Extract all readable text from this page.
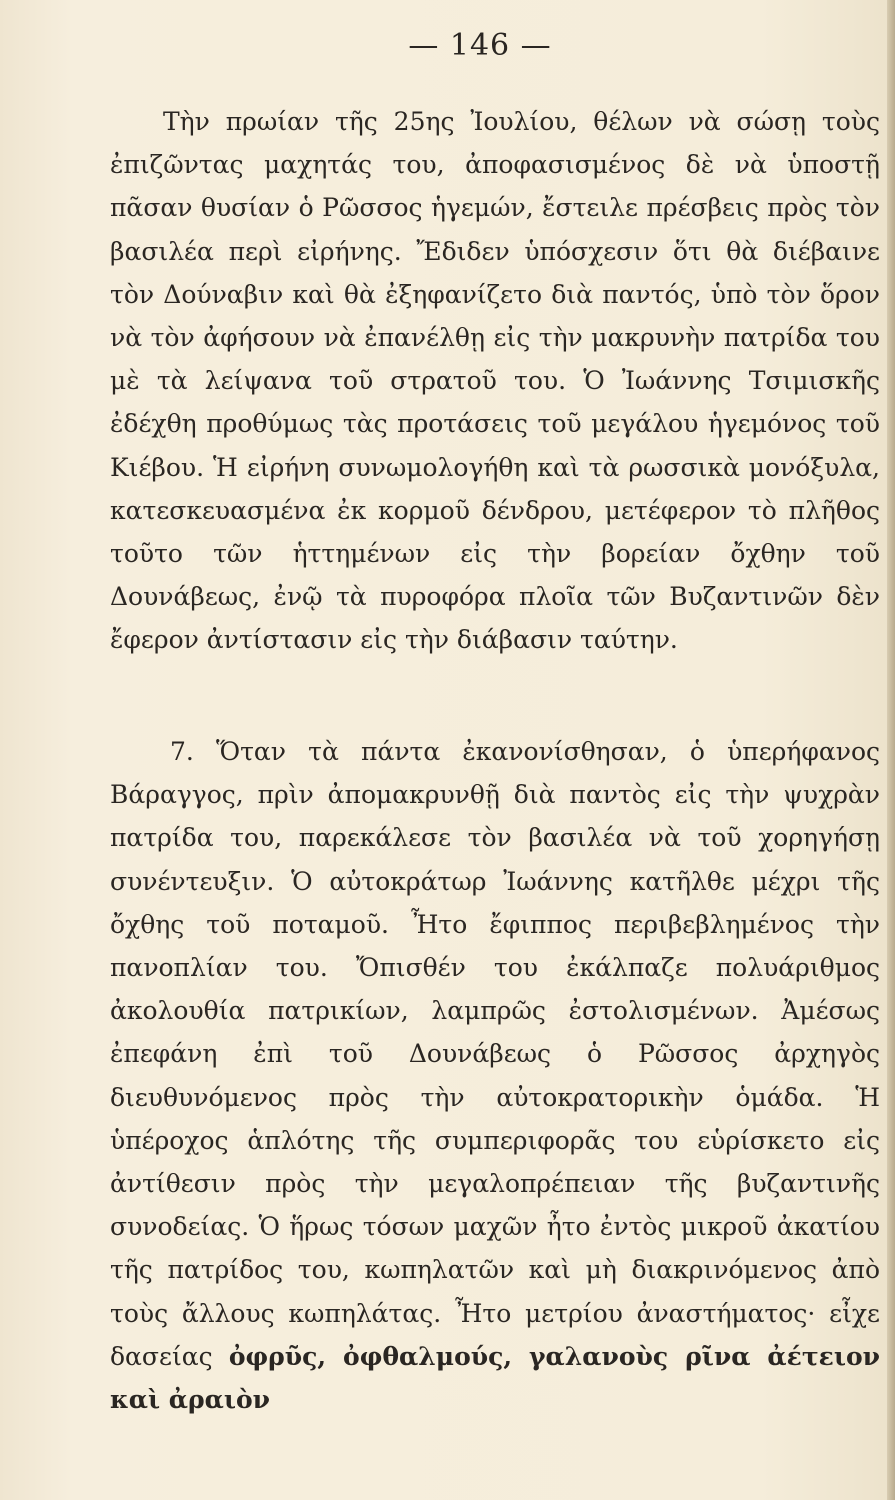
— 146 —

Τὴν πρωίαν τῆς 25ης Ἰουλίου, θέλων νὰ σώσῃ τοὺς ἐπιζῶντας μαχητάς του, ἀποφασισμένος δὲ νὰ ὑποστῇ πᾶσαν θυσίαν ὁ Ρῶσσος ἡγεμών, ἔστειλε πρέσβεις πρὸς τὸν βασιλέα περὶ εἰρήνης. Ἔδιδεν ὑπόσχεσιν ὅτι θὰ διέβαινε τὸν Δούναβιν καὶ θὰ ἐξηφανίζετο διὰ παντός, ὑπὸ τὸν ὅρον νὰ τὸν ἀφήσουν νὰ ἐπανέλθῃ εἰς τὴν μακρυνὴν πατρίδα του μὲ τὰ λείψανα τοῦ στρατοῦ του. Ὁ Ἰωάννης Τσιμισκῆς ἐδέχθη προθύμως τὰς προτάσεις τοῦ μεγάλου ἡγεμόνος τοῦ Κιέβου. Ἡ εἰρήνη συνωμολογήθη καὶ τὰ ρωσσικὰ μονόξυλα, κατεσκευασμένα ἐκ κορμοῦ δένδρου, μετέφερον τὸ πλῆθος τοῦτο τῶν ἡττημένων εἰς τὴν βορείαν ὄχθην τοῦ Δουνάβεως, ἐνῷ τὰ πυροφόρα πλοῖα τῶν Βυζαντινῶν δὲν ἔφερον ἀντίστασιν εἰς τὴν διάβασιν ταύτην.

7. Ὅταν τὰ πάντα ἐκανονίσθησαν, ὁ ὑπερήφανος Βάραγγος, πρὶν ἀπομακρυνθῇ διὰ παντὸς εἰς τὴν ψυχρὰν πατρίδα του, παρεκάλεσε τὸν βασιλέα νὰ τοῦ χορηγήσῃ συνέντευξιν. Ὁ αὐτοκράτωρ Ἰωάννης κατῆλθε μέχρι τῆς ὄχθης τοῦ ποταμοῦ. Ἦτο ἔφιππος περιβεβλημένος τὴν πανοπλίαν του. Ὄπισθέν του ἐκάλπαζε πολυάριθμος ἀκολουθία πατρικίων, λαμπρῶς ἐστολισμένων. Ἀμέσως ἐπεφάνη ἐπὶ τοῦ Δουνάβεως ὁ Ρῶσσος ἀρχηγὸς διευθυνόμενος πρὸς τὴν αὐτοκρατορικὴν ὁμάδα. Ἡ ὑπέροχος ἁπλότης τῆς συμπεριφορᾶς του εὑρίσκετο εἰς ἀντίθεσιν πρὸς τὴν μεγαλοπρέπειαν τῆς βυζαντινῆς συνοδείας. Ὁ ἥρως τόσων μαχῶν ἦτο ἐντὸς μικροῦ ἀκατίου τῆς πατρίδος του, κωπηλατῶν καὶ μὴ διακρινόμενος ἀπὸ τοὺς ἄλλους κωπηλάτας. Ἦτο μετρίου ἀναστήματος· εἶχε δασείας ὀφρῦς, ὀφθαλμούς, γαλανοὺς ρῖνα ἀέτειον καὶ ἀραιὸν
